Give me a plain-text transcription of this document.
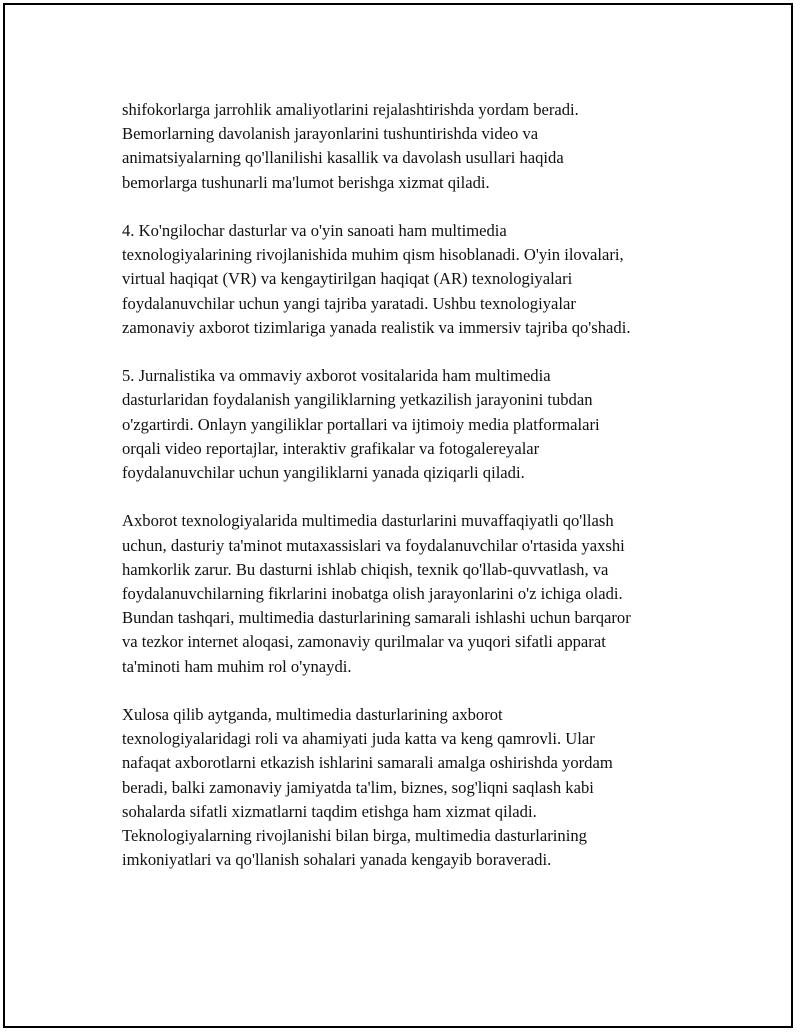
shifokorlarga jarrohlik amaliyotlarini rejalashtirishda yordam beradi.
Bemorlarning davolanish jarayonlarini tushuntirishda video va
animatsiyalarning qo'llanilishi kasallik va davolash usullari haqida
bemorlarga tushunarli ma'lumot berishga xizmat qiladi.

4. Ko'ngilochar dasturlar va o'yin sanoati ham multimedia
texnologiyalarining rivojlanishida muhim qism hisoblanadi. O'yin ilovalari,
virtual haqiqat (VR) va kengaytirilgan haqiqat (AR) texnologiyalari
foydalanuvchilar uchun yangi tajriba yaratadi. Ushbu texnologiyalar
zamonaviy axborot tizimlariga yanada realistik va immersiv tajriba qo'shadi.

5. Jurnalistika va ommaviy axborot vositalarida ham multimedia
dasturlaridan foydalanish yangiliklarning yetkazilish jarayonini tubdan
o'zgartirdi. Onlayn yangiliklar portallari va ijtimoiy media platformalari
orqali video reportajlar, interaktiv grafikalar va fotogalereyalar
foydalanuvchilar uchun yangiliklarni yanada qiziqarli qiladi.

Axborot texnologiyalarida multimedia dasturlarini muvaffaqiyatli qo'llash
uchun, dasturiy ta'minot mutaxassislari va foydalanuvchilar o'rtasida yaxshi
hamkorlik zarur. Bu dasturni ishlab chiqish, texnik qo'llab-quvvatlash, va
foydalanuvchilarning fikrlarini inobatga olish jarayonlarini o'z ichiga oladi.
Bundan tashqari, multimedia dasturlarining samarali ishlashi uchun barqaror
va tezkor internet aloqasi, zamonaviy qurilmalar va yuqori sifatli apparat
ta'minoti ham muhim rol o'ynaydi.

Xulosa qilib aytganda, multimedia dasturlarining axborot
texnologiyalaridagi roli va ahamiyati juda katta va keng qamrovli. Ular
nafaqat axborotlarni etkazish ishlarini samarali amalga oshirishda yordam
beradi, balki zamonaviy jamiyatda ta'lim, biznes, sog'liqni saqlash kabi
sohalarda sifatli xizmatlarni taqdim etishga ham xizmat qiladi.
Teknologiyalarning rivojlanishi bilan birga, multimedia dasturlarining
imkoniyatlari va qo'llanish sohalari yanada kengayib boraveradi.
